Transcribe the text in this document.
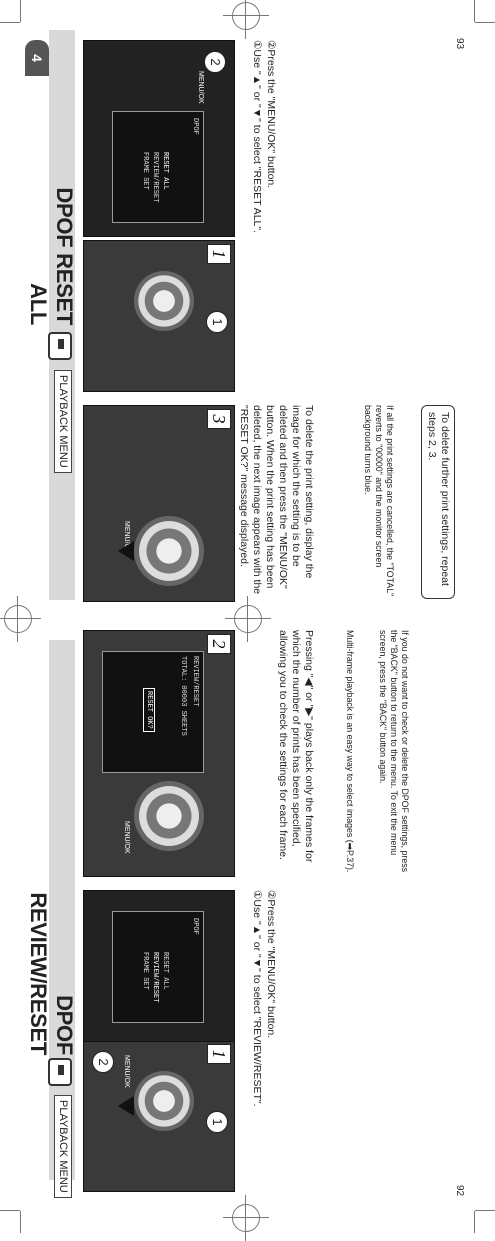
PLAYBACK MENU
DPOF REVIEW/RESET	1
1
2	MENU/OK
DPOF
RESET ALL
REVIEW/RESET
FRAME SET	①Use "▲" or "▼" to select "REVIEW/RESET". ②Press the "MENU/OK" button.
2
MENU/OK
REVIEW/RESET
TOTAL: 00003 SHEETS
RESET OK?	Pressing "◀" or "▶" plays back only the frames for which the number of prints has been specified, allowing you to check the settings for each frame.	Multi-frame playback is an easy way to select images (➡P.37).	If you do not want to check or delete the DPOF settings, press the "BACK" button to return to the menu. To exit the menu screen, press the "BACK" button again.
92
PLAYBACK MENU
DPOF RESET ALL
3
MENU/OK	To delete the print setting, display the image for which the setting is to be deleted and then press the "MENU/OK" button. When the print setting has been deleted, the next image appears with the "RESET OK?" message displayed.	If all the print settings are cancelled, the "TOTAL" reverts to "00000" and the monitor screen background turns blue.	To delete further print settings, repeat steps 2, 3.
1
1
2
MENU/OK
DPOF
RESET ALL
REVIEW/RESET
FRAME SET	①Use "▲" or "▼" to select "RESET ALL". ②Press the "MENU/OK" button.
4
93
